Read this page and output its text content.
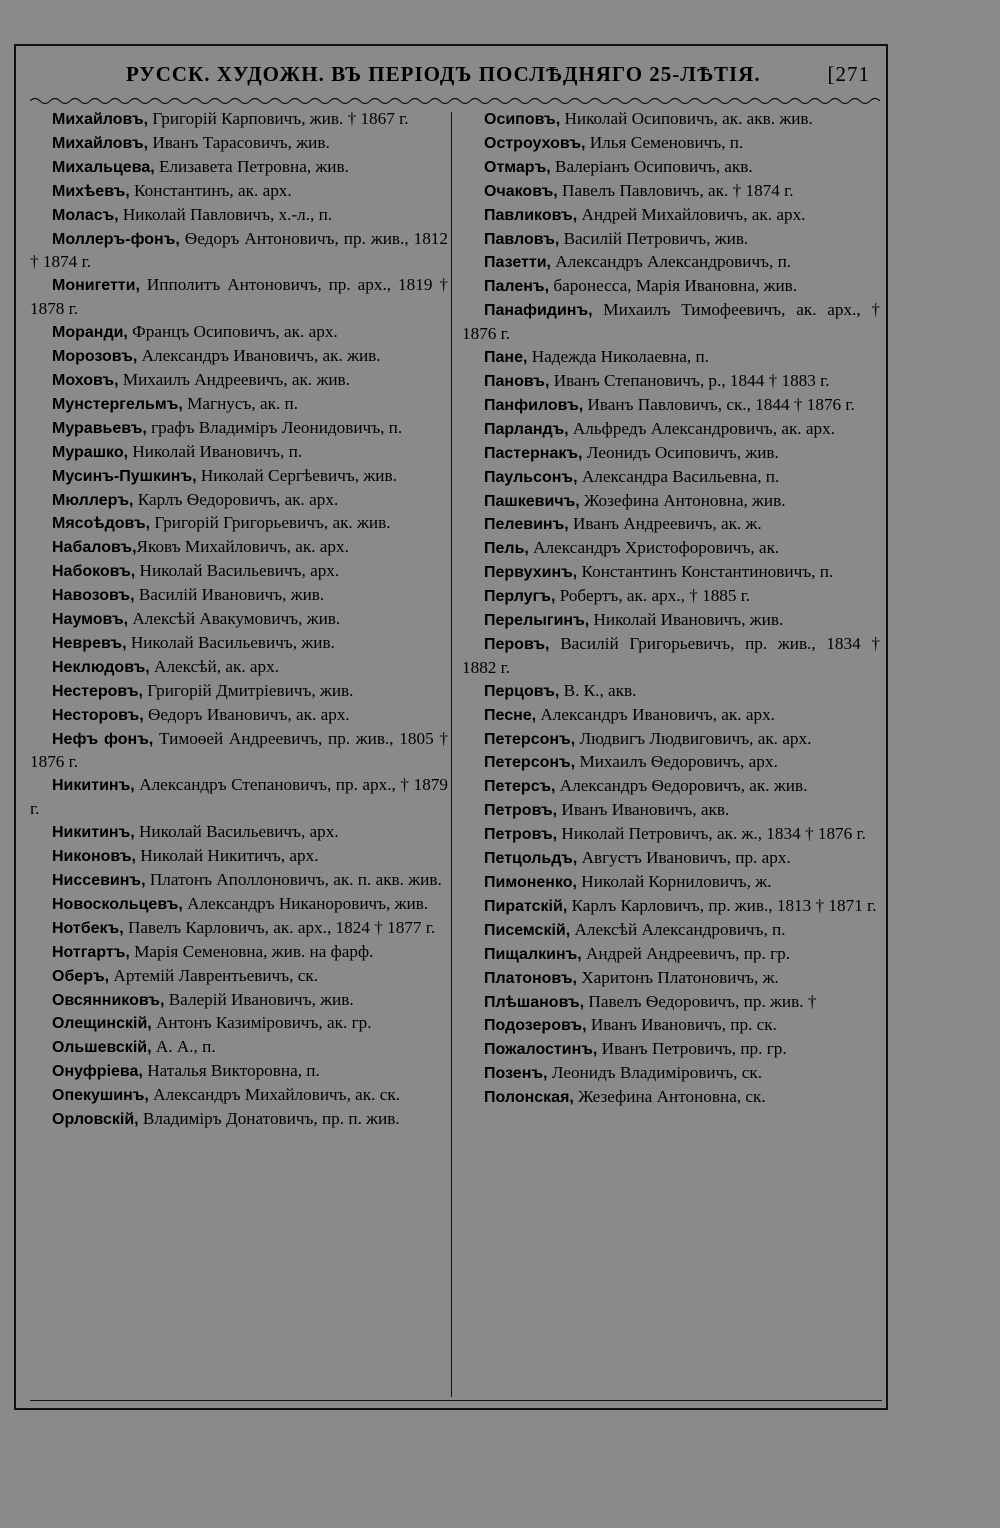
РУССК. ХУДОЖН. ВЪ ПЕРІОДЪ ПОСЛѢДНЯГО 25-ЛѢТІЯ.	[271
Михайловъ, Григорій Карповичъ, жив. † 1867 г.
Михайловъ, Иванъ Тарасовичъ, жив.
Михальцева, Елизавета Петровна, жив.
Михѣевъ, Константинъ, ак. арх.
Моласъ, Николай Павловичъ, х.-л., п.
Моллеръ-фонъ, Ѳедоръ Антоновичъ, пр. жив., 1812 † 1874 г.
Монигетти, Ипполитъ Антоновичъ, пр. арх., 1819 † 1878 г.
Моранди, Францъ Осиповичъ, ак. арх.
Морозовъ, Александръ Ивановичъ, ак. жив.
Моховъ, Михаилъ Андреевичъ, ак. жив.
Мунстергельмъ, Магнусъ, ак. п.
Муравьевъ, графъ Владиміръ Леонидовичъ, п.
Мурашко, Николай Ивановичъ, п.
Мусинъ-Пушкинъ, Николай Сергѣевичъ, жив.
Мюллеръ, Карлъ Ѳедоровичъ, ак. арх.
Мясоѣдовъ, Григорій Григорьевичъ, ак. жив.
Набаловъ,Яковъ Михайловичъ, ак. арх.
Набоковъ, Николай Васильевичъ, арх.
Навозовъ, Василій Ивановичъ, жив.
Наумовъ, Алексѣй Авакумовичъ, жив.
Невревъ, Николай Васильевичъ, жив.
Неклюдовъ, Алексѣй, ак. арх.
Нестеровъ, Григорій Дмитріевичъ, жив.
Несторовъ, Ѳедоръ Ивановичъ, ак. арх.
Нефъ фонъ, Тимоѳей Андреевичъ, пр. жив., 1805 † 1876 г.
Никитинъ, Александръ Степановичъ, пр. арх., † 1879 г.
Никитинъ, Николай Васильевичъ, арх.
Никоновъ, Николай Никитичъ, арх.
Ниссевинъ, Платонъ Аполлоновичъ, ак. п. акв. жив.
Новоскольцевъ, Александръ Никаноровичъ, жив.
Нотбекъ, Павелъ Карловичъ, ак. арх., 1824 † 1877 г.
Нотгартъ, Марія Семеновна, жив. на фарф.
Оберъ, Артемій Лаврентьевичъ, ск.
Овсянниковъ, Валерій Ивановичъ, жив.
Олещинскій, Антонъ Казиміровичъ, ак. гр.
Ольшевскій, А. А., п.
Онуфріева, Наталья Викторовна, п.
Опекушинъ, Александръ Михайловичъ, ак. ск.
Орловскій, Владиміръ Донатовичъ, пр. п. жив.
Осиповъ, Николай Осиповичъ, ак. акв. жив.
Остроуховъ, Илья Семеновичъ, п.
Отмаръ, Валеріанъ Осиповичъ, акв.
Очаковъ, Павелъ Павловичъ, ак. † 1874 г.
Павликовъ, Андрей Михайловичъ, ак. арх.
Павловъ, Василій Петровичъ, жив.
Пазетти, Александръ Александровичъ, п.
Паленъ, баронесса, Марія Ивановна, жив.
Панафидинъ, Михаилъ Тимофеевичъ, ак. арх., † 1876 г.
Пане, Надежда Николаевна, п.
Пановъ, Иванъ Степановичъ, р., 1844 † 1883 г.
Панфиловъ, Иванъ Павловичъ, ск., 1844 † 1876 г.
Парландъ, Альфредъ Александровичъ, ак. арх.
Пастернакъ, Леонидъ Осиповичъ, жив.
Паульсонъ, Александра Васильевна, п.
Пашкевичъ, Жозефина Антоновна, жив.
Пелевинъ, Иванъ Андреевичъ, ак. ж.
Пель, Александръ Христофоровичъ, ак.
Первухинъ, Константинъ Константиновичъ, п.
Перлугъ, Робертъ, ак. арх., † 1885 г.
Перелыгинъ, Николай Ивановичъ, жив.
Перовъ, Василій Григорьевичъ, пр. жив., 1834 † 1882 г.
Перцовъ, В. К., акв.
Песне, Александръ Ивановичъ, ак. арх.
Петерсонъ, Людвигъ Людвиговичъ, ак. арх.
Петерсонъ, Михаилъ Ѳедоровичъ, арх.
Петерсъ, Александръ Ѳедоровичъ, ак. жив.
Петровъ, Иванъ Ивановичъ, акв.
Петровъ, Николай Петровичъ, ак. ж., 1834 † 1876 г.
Петцольдъ, Августъ Ивановичъ, пр. арх.
Пимоненко, Николай Корниловичъ, ж.
Пиратскій, Карлъ Карловичъ, пр. жив., 1813 † 1871 г.
Писемскій, Алексѣй Александровичъ, п.
Пищалкинъ, Андрей Андреевичъ, пр. гр.
Платоновъ, Харитонъ Платоновичъ, ж.
Плѣшановъ, Павелъ Ѳедоровичъ, пр. жив. †
Подозеровъ, Иванъ Ивановичъ, пр. ск.
Пожалостинъ, Иванъ Петровичъ, пр. гр.
Позенъ, Леонидъ Владиміровичъ, ск.
Полонская, Жезефина Антоновна, ск.
